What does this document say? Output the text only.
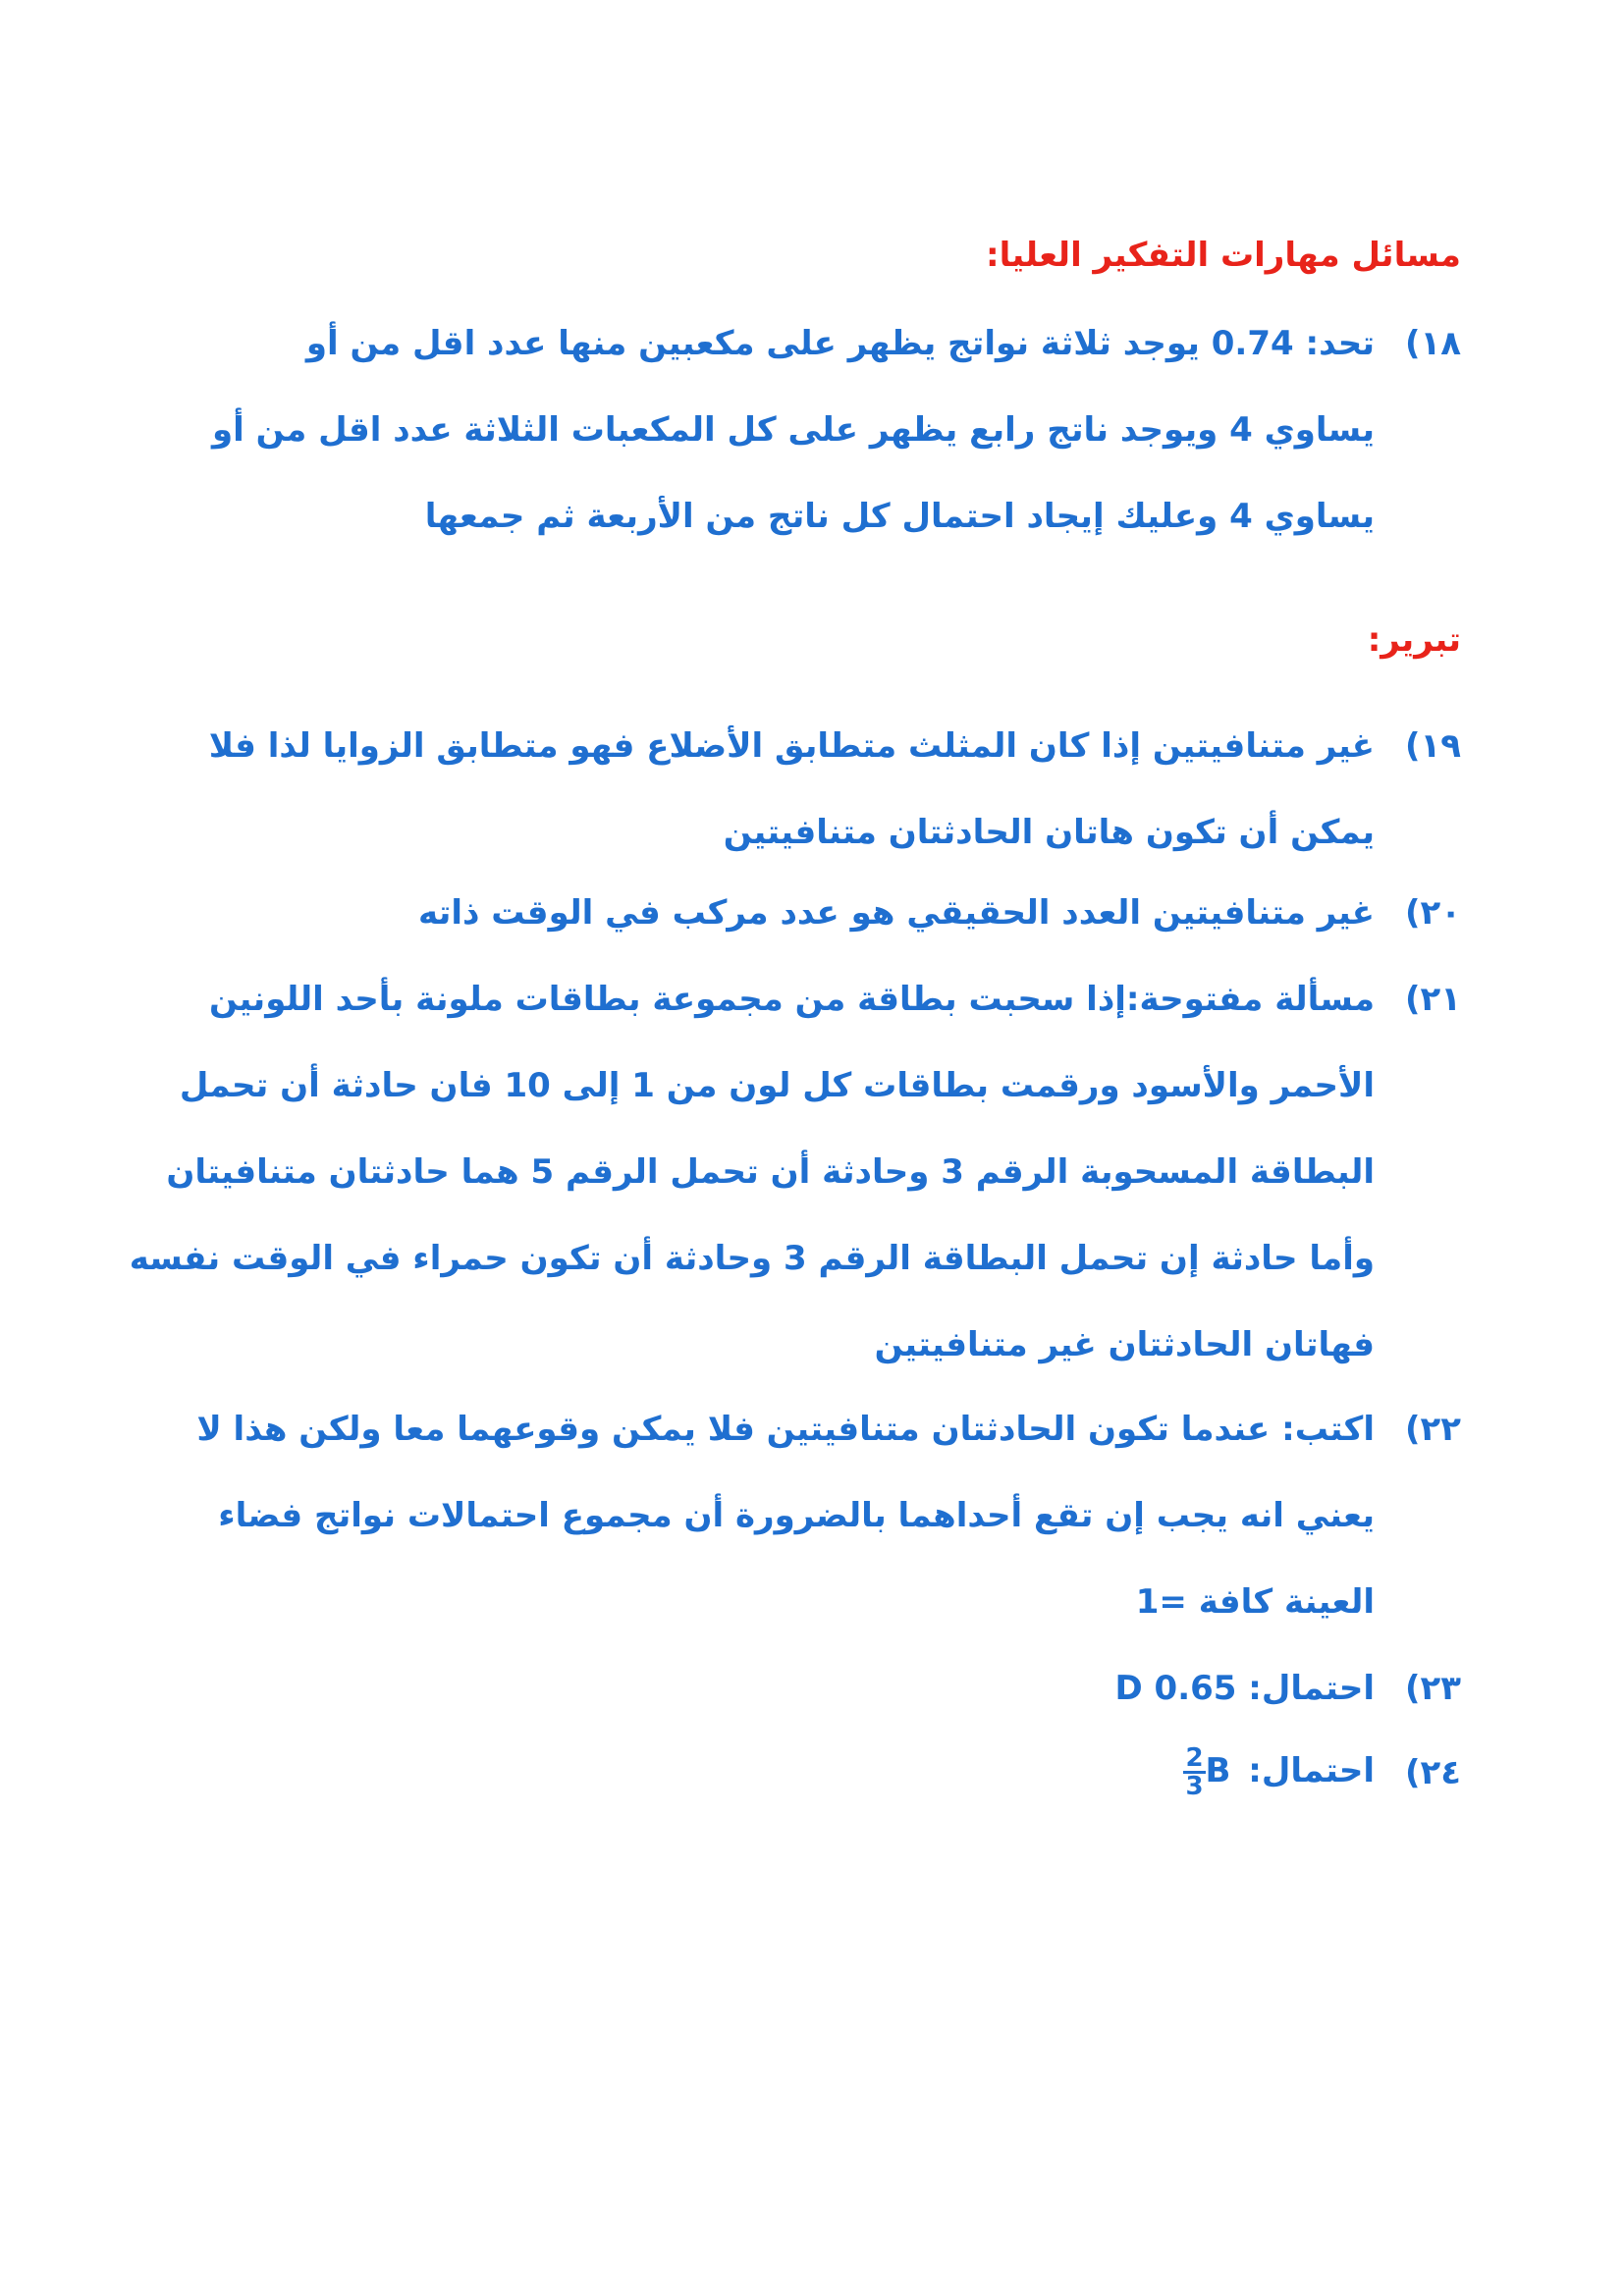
مسائل مهارات التفكير العليا:
١٨)
تحد: 0.74 يوجد ثلاثة نواتج يظهر على مكعبين منها عدد اقل من أو
يساوي 4 ويوجد ناتج رابع يظهر على كل المكعبات الثلاثة عدد اقل من أو
يساوي 4 وعليك إيجاد احتمال كل ناتج من الأربعة ثم جمعها
تبرير:
١٩)
غير متنافيتين إذا كان المثلث متطابق الأضلاع فهو متطابق الزوايا لذا فلا
يمكن أن تكون هاتان الحادثتان متنافيتين
٢٠)
غير متنافيتين العدد الحقيقي هو عدد مركب في الوقت ذاته
٢١)
مسألة مفتوحة:إذا سحبت بطاقة من مجموعة بطاقات ملونة بأحد اللونين
الأحمر والأسود ورقمت بطاقات كل لون من 1 إلى 10 فان حادثة أن تحمل
البطاقة المسحوبة الرقم 3 وحادثة أن تحمل الرقم 5 هما حادثتان متنافيتان
وأما حادثة إن تحمل البطاقة الرقم 3 وحادثة أن تكون حمراء في الوقت نفسه
فهاتان الحادثتان غير متنافيتين
٢٢)
اكتب: عندما تكون الحادثتان متنافيتين فلا يمكن وقوعهما معا ولكن هذا لا
يعني انه يجب إن تقع أحداهما بالضرورة أن مجموع احتمالات نواتج فضاء
العينة كافة =1
٢٣)
احتمال: D 0.65
٢٤)
احتمال:
$\frac{2}{3}$ B
